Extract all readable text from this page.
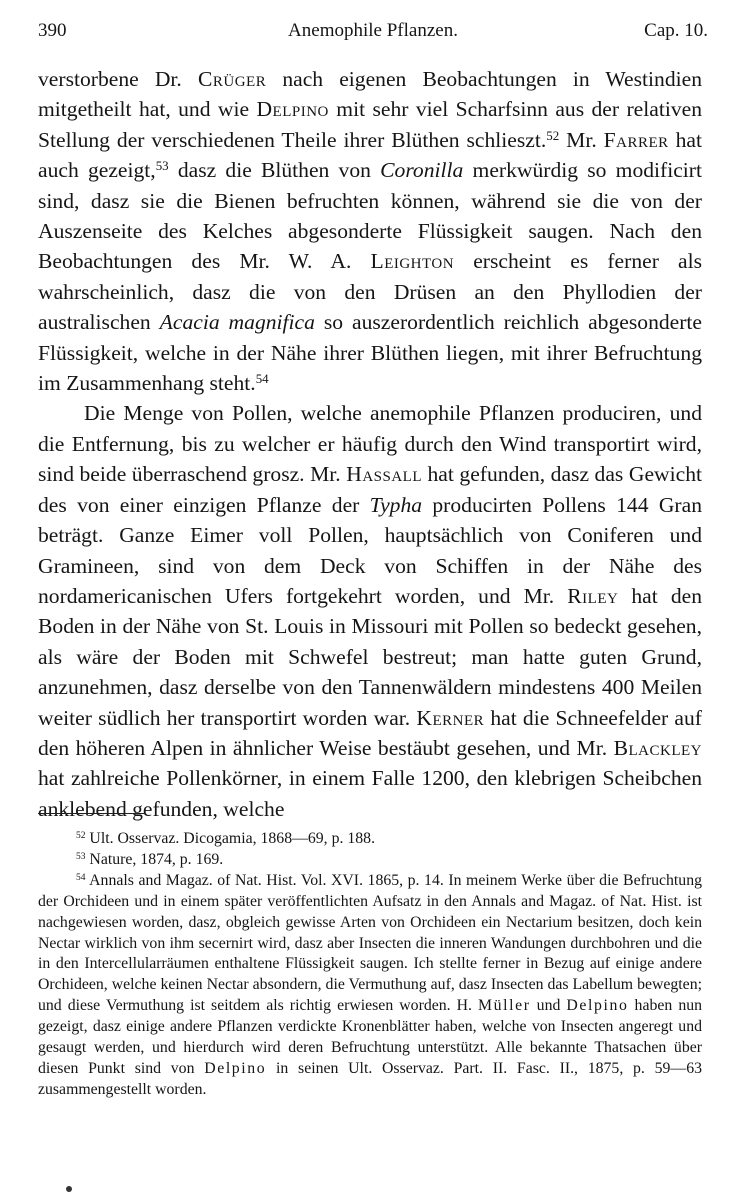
Anemophile Pflanzen.
390	Cap. 10.

verstorbene Dr. Crüger nach eigenen Beobachtungen in Westindien mitgetheilt hat, und wie Delpino mit sehr viel Scharfsinn aus der relativen Stellung der verschiedenen Theile ihrer Blüthen schlieszt.$^{52}$ Mr. Farrer hat auch gezeigt,$^{53}$ dasz die Blüthen von Coronilla merkwürdig so modificirt sind, dasz sie die Bienen befruchten können, während sie die von der Auszenseite des Kelches abgesonderte Flüssigkeit saugen. Nach den Beobachtungen des Mr. W. A. Leighton erscheint es ferner als wahrscheinlich, dasz die von den Drüsen an den Phyllodien der australischen Acacia magnifica so auszerordentlich reichlich abgesonderte Flüssigkeit, welche in der Nähe ihrer Blüthen liegen, mit ihrer Befruchtung im Zusammenhang steht.$^{54}$

Die Menge von Pollen, welche anemophile Pflanzen produciren, und die Entfernung, bis zu welcher er häufig durch den Wind transportirt wird, sind beide überraschend grosz. Mr. Hassall hat gefunden, dasz das Gewicht des von einer einzigen Pflanze der Typha producirten Pollens 144 Gran beträgt. Ganze Eimer voll Pollen, hauptsächlich von Coniferen und Gramineen, sind von dem Deck von Schiffen in der Nähe des nordamericanischen Ufers fortgekehrt worden, und Mr. Riley hat den Boden in der Nähe von St. Louis in Missouri mit Pollen so bedeckt gesehen, als wäre der Boden mit Schwefel bestreut; man hatte guten Grund, anzunehmen, dasz derselbe von den Tannenwäldern mindestens 400 Meilen weiter südlich her transportirt worden war. Kerner hat die Schneefelder auf den höheren Alpen in ähnlicher Weise bestäubt gesehen, und Mr. Blackley hat zahlreiche Pollenkörner, in einem Falle 1200, den klebrigen Scheibchen anklebend gefunden, welche

$^{52}$ Ult. Osservaz. Dicogamia, 1868—69, p. 188.

$^{53}$ Nature, 1874, p. 169.

$^{54}$ Annals and Magaz. of Nat. Hist. Vol. XVI. 1865, p. 14. In meinem Werke über die Befruchtung der Orchideen und in einem später veröffentlichten Aufsatz in den Annals and Magaz. of Nat. Hist. ist nachgewiesen worden, dasz, obgleich gewisse Arten von Orchideen ein Nectarium besitzen, doch kein Nectar wirklich von ihm secernirt wird, dasz aber Insecten die inneren Wandungen durchbohren und die in den Intercellularräumen enthaltene Flüssigkeit saugen. Ich stellte ferner in Bezug auf einige andere Orchideen, welche keinen Nectar absondern, die Vermuthung auf, dasz Insecten das Labellum bewegten; und diese Vermuthung ist seitdem als richtig erwiesen worden. H. Müller und Delpino haben nun gezeigt, dasz einige andere Pflanzen verdickte Kronenblätter haben, welche von Insecten angeregt und gesaugt werden, und hierdurch wird deren Befruchtung unterstützt. Alle bekannte Thatsachen über diesen Punkt sind von Delpino in seinen Ult. Osservaz. Part. II. Fasc. II., 1875, p. 59—63 zusammengestellt worden.
